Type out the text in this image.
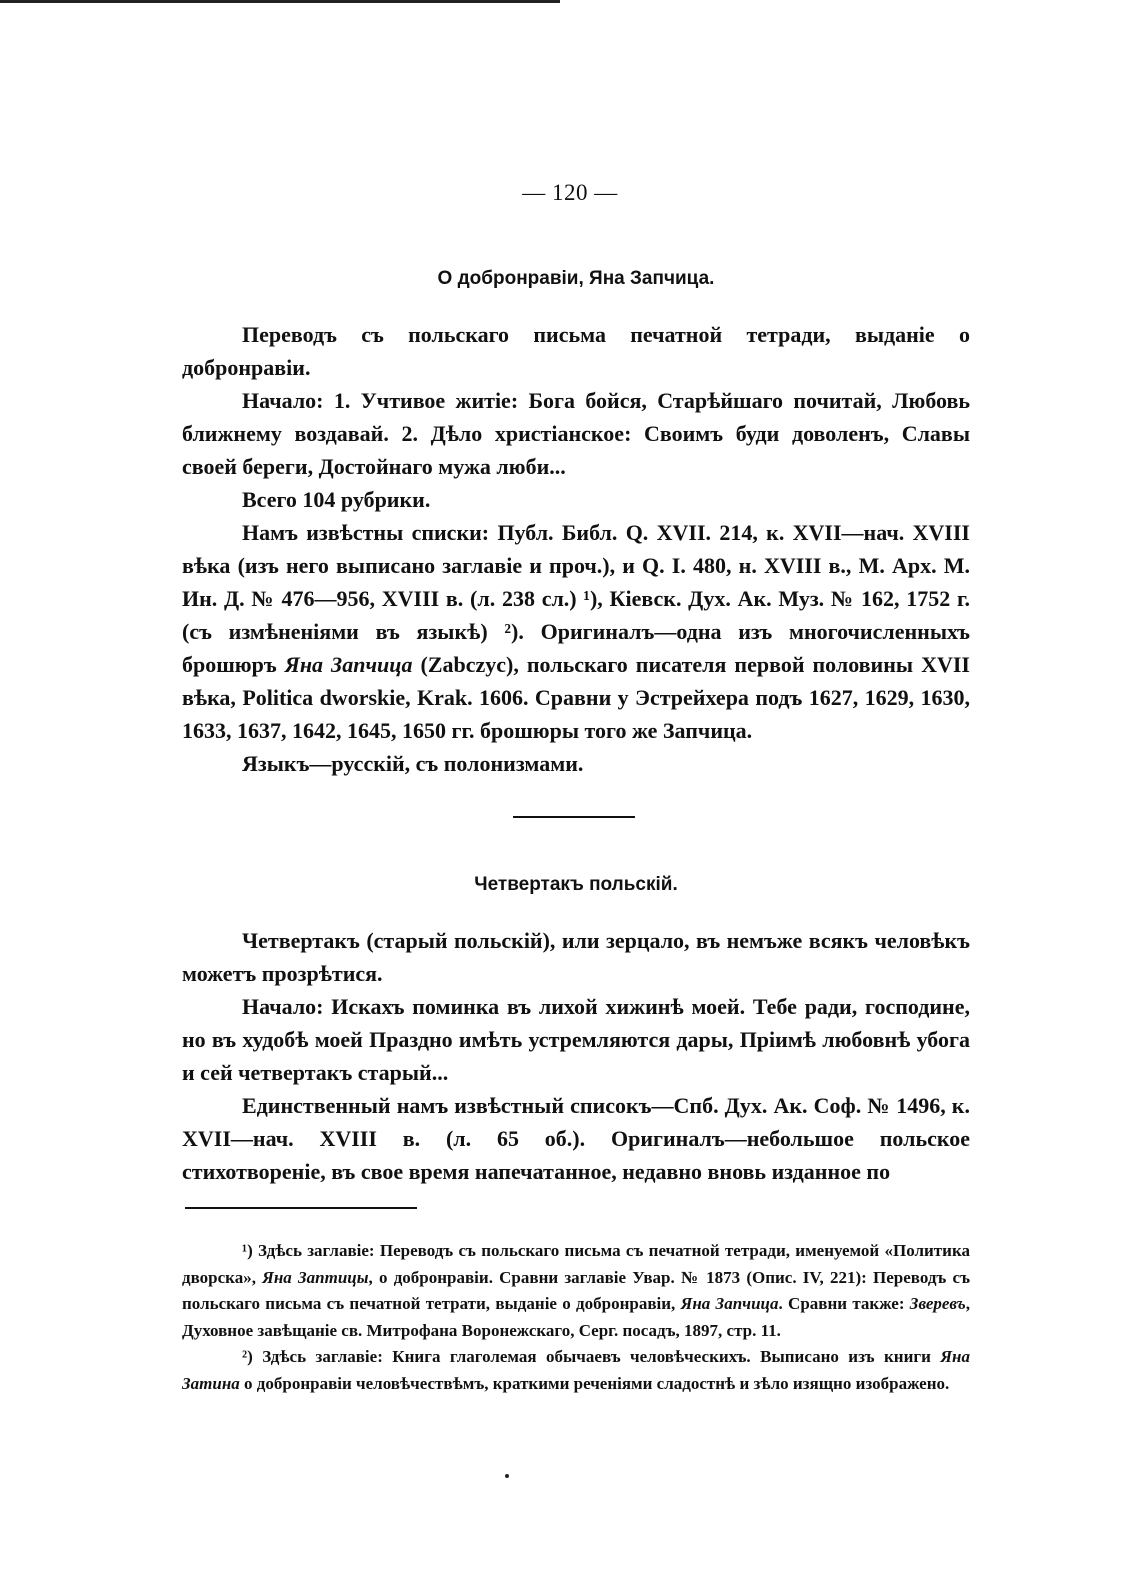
— 120 —
О добронравіи, Яна Запчица.

Переводъ съ польскаго письма печатной тетради, выданіе о добронравіи.

Начало: 1. Учтивое житіе: Бога бойся, Старѣйшаго почитай, Любовь ближнему воздавай. 2. Дѣло христіанское: Своимъ буди доволенъ, Славы своей береги, Достойнаго мужа люби...

Всего 104 рубрики.

Намъ извѣстны списки: Публ. Библ. Q. XVII. 214, к. XVII—нач. XVIII вѣка (изъ него выписано заглавіе и проч.), и Q. I. 480, н. XVIII в., М. Арх. М. Ин. Д. № 476—956, XVIII в. (л. 238 сл.) ¹), Кіевск. Дух. Ак. Муз. № 162, 1752 г. (съ измѣненіями въ языкѣ) ²). Оригиналъ—одна изъ многочисленныхъ брошюръ Яна Запчица (Zabczyc), польскаго писателя первой половины XVII вѣка, Politica dworskie, Krak. 1606. Сравни у Эстрейхера подъ 1627, 1629, 1630, 1633, 1637, 1642, 1645, 1650 гг. брошюры того же Запчица.

Языкъ—русскій, съ полонизмами.

Четвертакъ польскій.

Четвертакъ (старый польскій), или зерцало, въ немъже всякъ человѣкъ можетъ прозрѣтися.

Начало: Искахъ поминка въ лихой хижинѣ моей. Тебе ради, господине, но въ худобѣ моей Праздно имѣть устремляются дары, Пріимѣ любовнѣ убога и сей четвертакъ старый...

Единственный намъ извѣстный списокъ—Спб. Дух. Ак. Соф. № 1496, к. XVII—нач. XVIII в. (л. 65 об.). Оригиналъ—небольшое польское стихотвореніе, въ свое время напечатанное, недавно вновь изданное по

¹) Здѣсь заглавіе: Переводъ съ польскаго письма съ печатной тетради, именуемой «Политика дворска», Яна Заптицы, о добронравіи. Сравни заглавіе Увар. № 1873 (Опис. IV, 221): Переводъ съ польскаго письма съ печатной тетрати, выданіе о добронравіи, Яна Запчица. Сравни также: Зверевъ, Духовное завѣщаніе св. Митрофана Воронежскаго, Серг. посадъ, 1897, стр. 11.

²) Здѣсь заглавіе: Книга глаголемая обычаевъ человѣческихъ. Выписано изъ книги Яна Затина о добронравіи человѣчествѣмъ, краткими реченіями сладостнѣ и зѣло изящно изображено.
